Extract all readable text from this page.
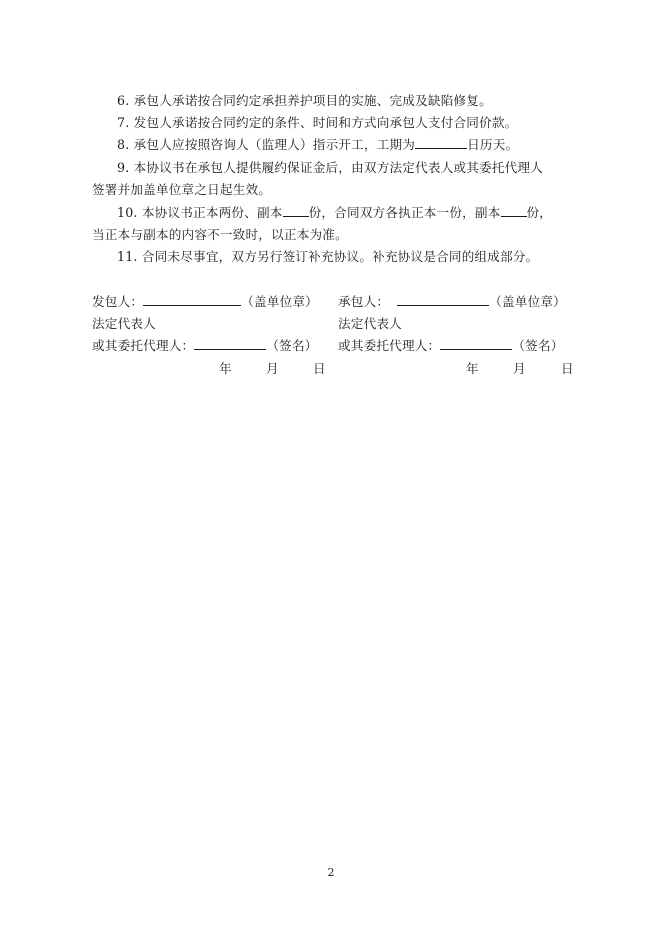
6. 承包人承诺按合同约定承担养护项目的实施、完成及缺陷修复。
7. 发包人承诺按合同约定的条件、时间和方式向承包人支付合同价款。
8. 承包人应按照咨询人（监理人）指示开工，工期为	日历天。
9. 本协议书在承包人提供履约保证金后，由双方法定代表人或其委托代理人
签署并加盖单位章之日起生效。
10. 本协议书正本两份、副本 份，合同双方各执正本一份，副本 份，
当正本与副本的内容不一致时，以正本为准。
11. 合同未尽事宜，双方另行签订补充协议。补充协议是合同的组成部分。
发包人：	（盖单位章）
法定代表人
或其委托代理人：	（签名）
年	月	日
承包人：	（盖单位章）
法定代表人
或其委托代理人：	（签名）
年	月	日
2
